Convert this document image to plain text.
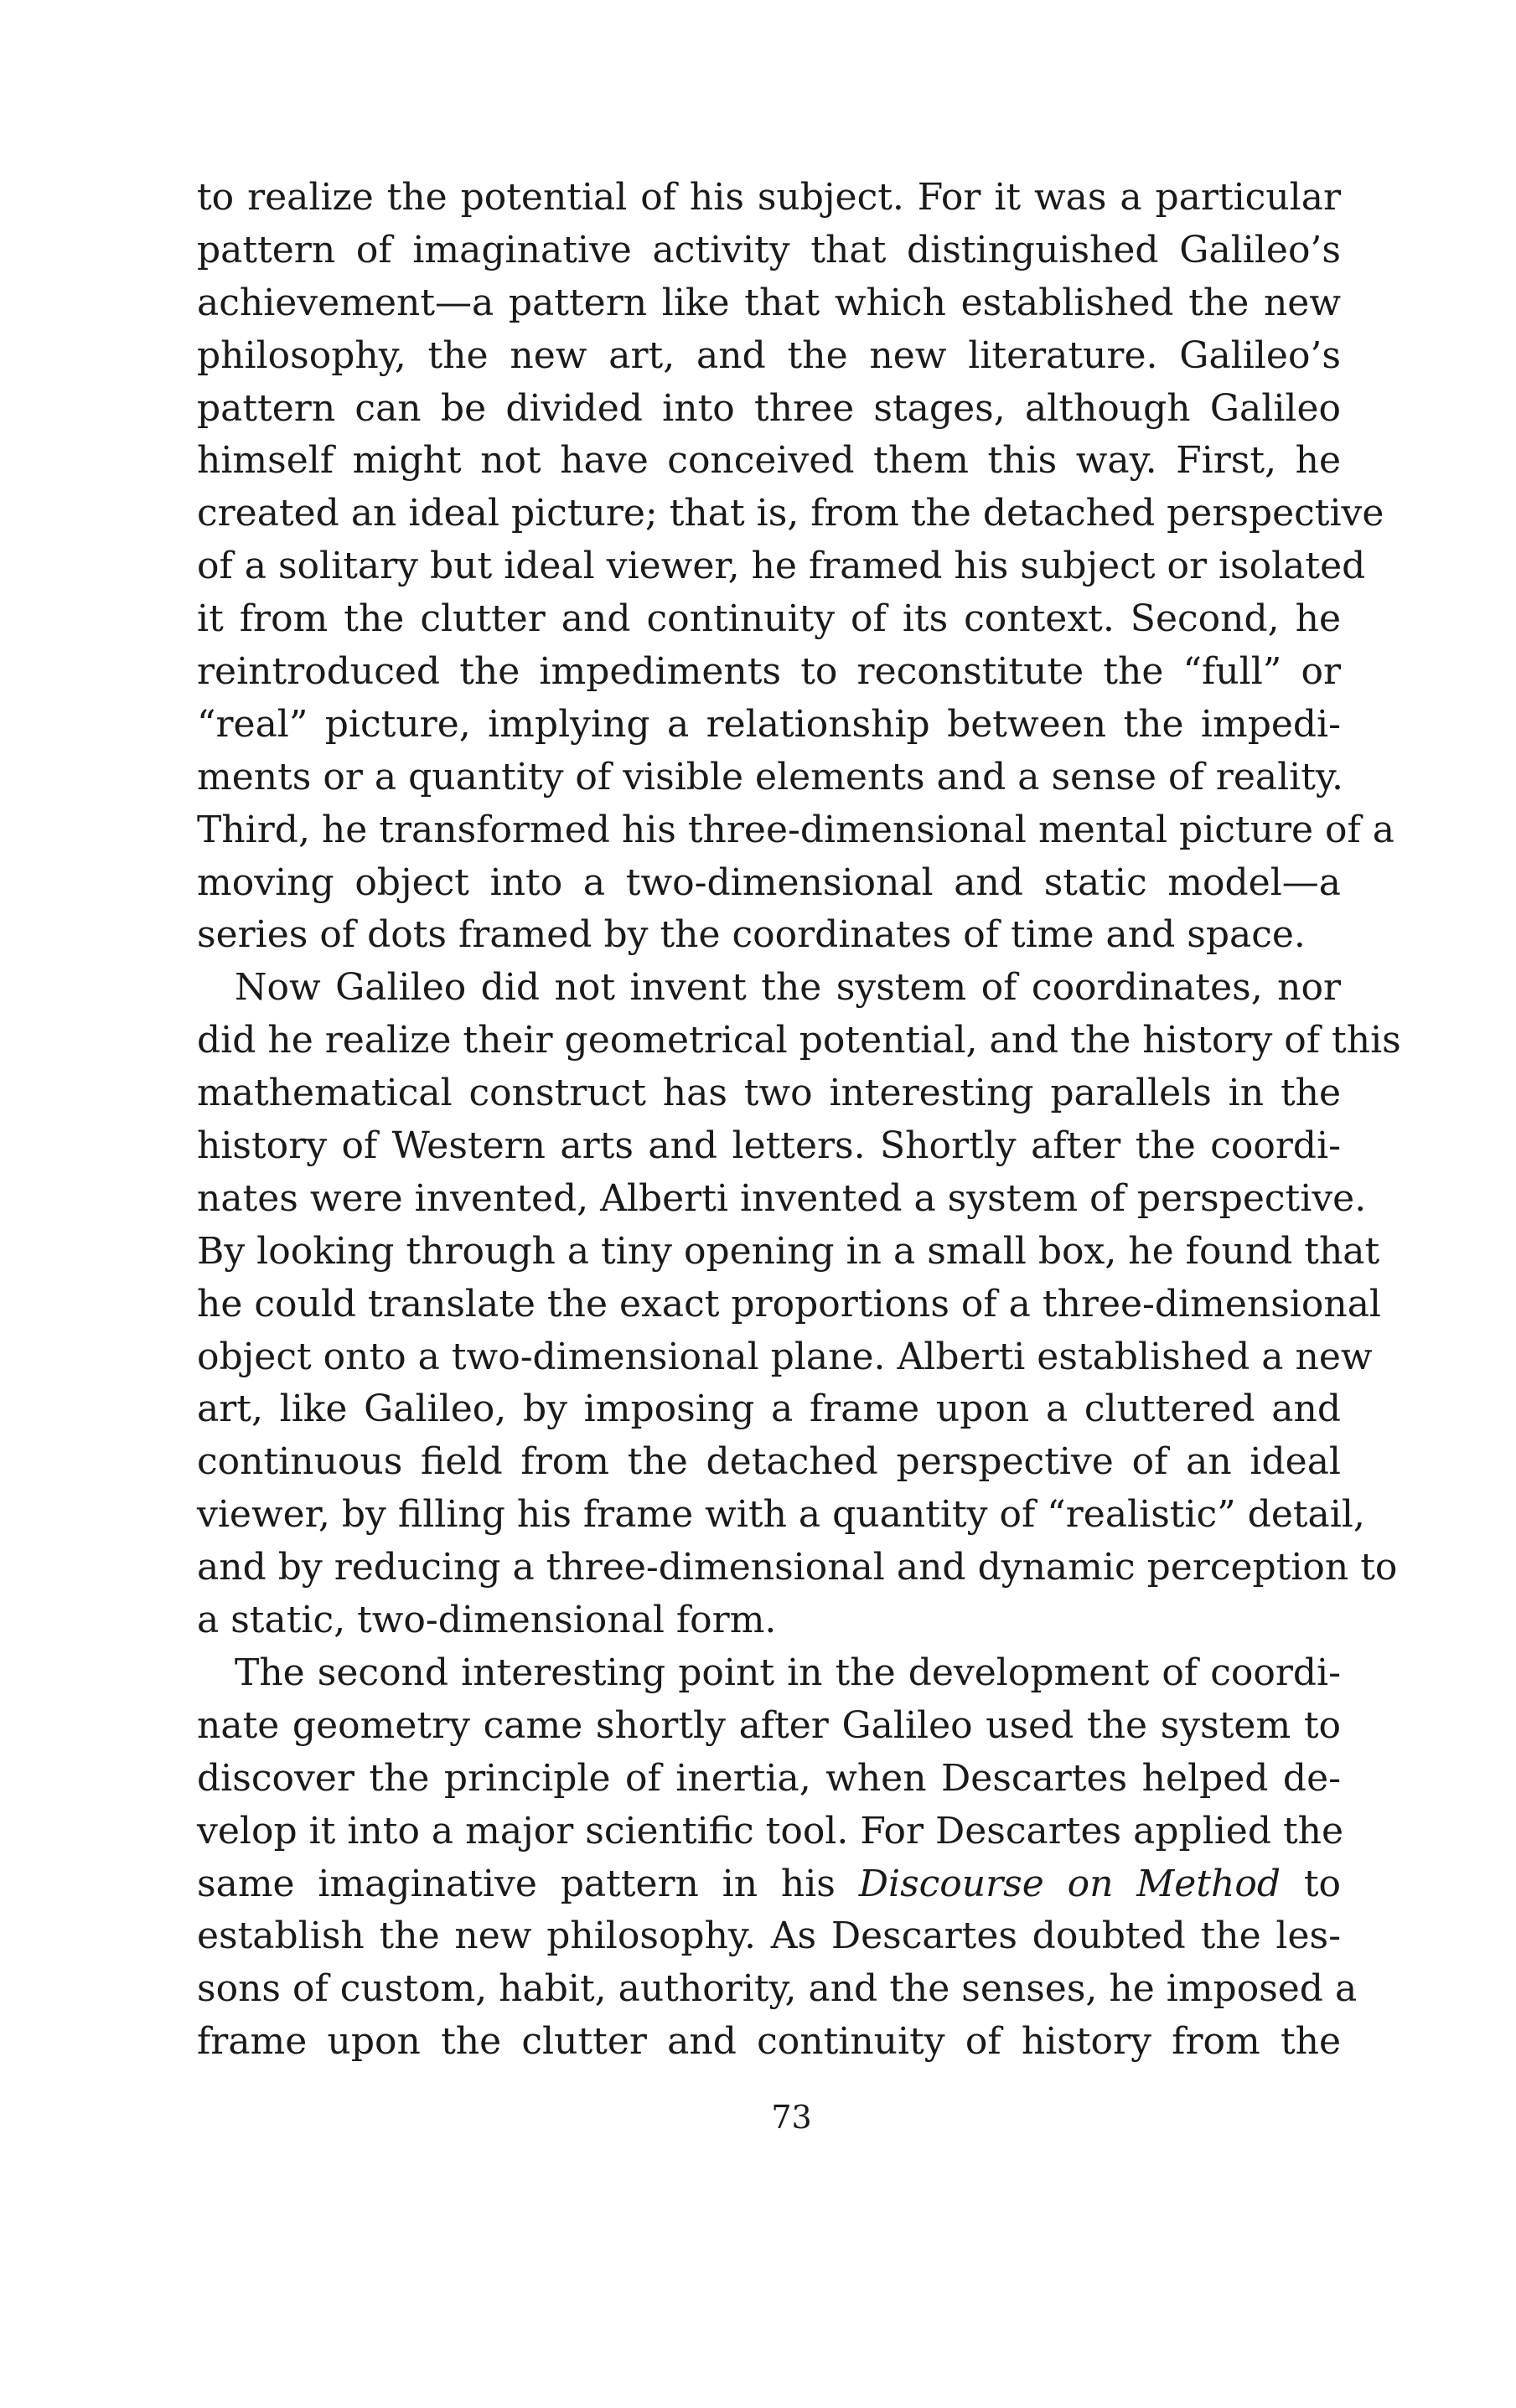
to realize the potential of his subject. For it was a particular
pattern of imaginative activity that distinguished Galileo’s
achievement—a pattern like that which established the new
philosophy, the new art, and the new literature. Galileo’s
pattern can be divided into three stages, although Galileo
himself might not have conceived them this way. First, he
created an ideal picture; that is, from the detached perspective
of a solitary but ideal viewer, he framed his subject or isolated
it from the clutter and continuity of its context. Second, he
reintroduced the impediments to reconstitute the “full” or
“real” picture, implying a relationship between the impedi-
ments or a quantity of visible elements and a sense of reality.
Third, he transformed his three-dimensional mental picture of a
moving object into a two-dimensional and static model—a
series of dots framed by the coordinates of time and space.
Now Galileo did not invent the system of coordinates, nor
did he realize their geometrical potential, and the history of this
mathematical construct has two interesting parallels in the
history of Western arts and letters. Shortly after the coordi-
nates were invented, Alberti invented a system of perspective.
By looking through a tiny opening in a small box, he found that
he could translate the exact proportions of a three-dimensional
object onto a two-dimensional plane. Alberti established a new
art, like Galileo, by imposing a frame upon a cluttered and
continuous field from the detached perspective of an ideal
viewer, by filling his frame with a quantity of “realistic” detail,
and by reducing a three-dimensional and dynamic perception to
a static, two-dimensional form.
The second interesting point in the development of coordi-
nate geometry came shortly after Galileo used the system to
discover the principle of inertia, when Descartes helped de-
velop it into a major scientific tool. For Descartes applied the
same imaginative pattern in his Discourse on Method to
establish the new philosophy. As Descartes doubted the les-
sons of custom, habit, authority, and the senses, he imposed a
frame upon the clutter and continuity of history from the
73
